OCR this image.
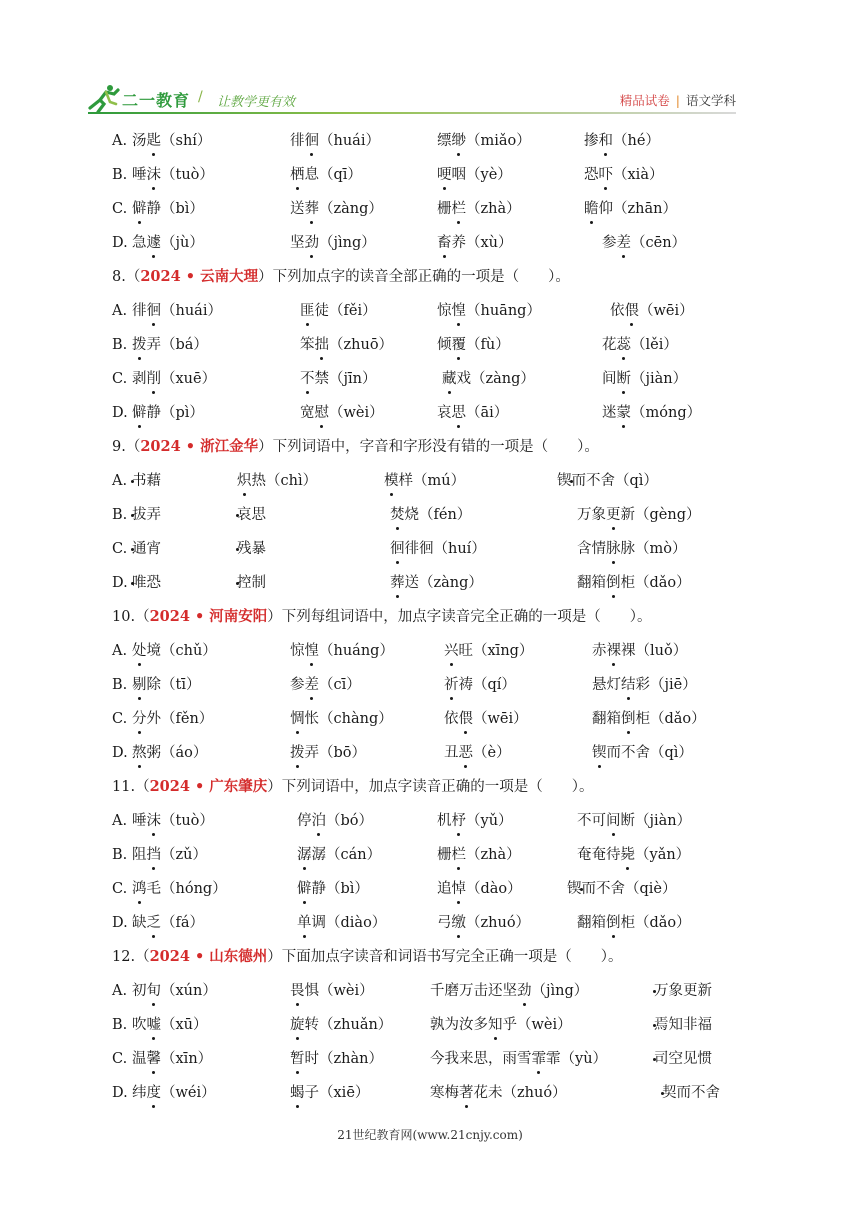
二一教育 / 让教学更有效	精品试卷 | 语文学科
A. 汤匙（shí）	徘徊（huái）	缥缈（miǎo）	掺和（hé）
B. 唾沫（tuò）	栖息（qī）	哽咽（yè）	恐吓（xià）
C. 僻静（bì）	送葬（zàng）	栅栏（zhà）	瞻仰（zhān）
D. 急遽（jù）	坚劲（jìng）	畜养（xù）	参差（cēn）
8.（2024 • 云南大理）下列加点字的读音全部正确的一项是（　　）。
A. 徘徊（huái）	匪徒（fěi）	惊惶（huāng）	依偎（wēi）
B. 拨弄（bá）	笨拙（zhuō）	倾覆（fù）	花蕊（lěi）
C. 剥削（xuē）	不禁（jīn）	藏戏（zàng）	间断（jiàn）
D. 僻静（pì）	宽慰（wèi）	哀思（āi）	迷蒙（móng）
9.（2024 • 浙江金华）下列词语中，字音和字形没有错的一项是（　　）。
A. 书藉	炽热（chì）	模样（mú）	锲而不舍（qì）
B. 拔弄	哀思	焚烧（fén）	万象更新（gèng）
C. 通宵	残暴	徊徘徊（huí）	含情脉脉（mò）
D. 唯恐	控制	葬送（zàng）	翻箱倒柜（dǎo）
10.（2024 • 河南安阳）下列每组词语中，加点字读音完全正确的一项是（　　）。
A. 处境（chǔ）	惊惶（huáng）	兴旺（xīng）	赤裸裸（luǒ）
B. 剔除（tī）	参差（cī）	祈祷（qí）	悬灯结彩（jiē）
C. 分外（fěn）	惆怅（chàng）	依偎（wēi）	翻箱倒柜（dǎo）
D. 熬粥（áo）	拨弄（bō）	丑恶（è）	锲而不舍（qì）
11.（2024 • 广东肇庆）下列词语中，加点字读音正确的一项是（　　）。
A. 唾沫（tuò）	停泊（bó）	机杼（yǔ）	不可间断（jiàn）
B. 阻挡（zǔ）	潺潺（cán）	栅栏（zhà）	奄奄待毙（yǎn）
C. 鸿毛（hóng）	僻静（bì）	追悼（dào）	锲而不舍（qiè）
D. 缺乏（fá）	单调（diào）	弓缴（zhuó）	翻箱倒柜（dǎo）
12.（2024 • 山东德州）下面加点字读音和词语书写完全正确一项是（　　）。
A. 初旬（xún）	畏惧（wèi）	千磨万击还坚劲（jìng）	万象更新
B. 吹嘘（xū）	旋转（zhuǎn）	孰为汝多知乎（wèi）	焉知非福
C. 温馨（xīn）	暂时（zhàn）	今我来思，雨雪霏霏（yù）	司空见惯
D. 纬度（wéi）	蝎子（xiē）	寒梅著花未（zhuó）	契而不舍
21世纪教育网(www.21cnjy.com)
